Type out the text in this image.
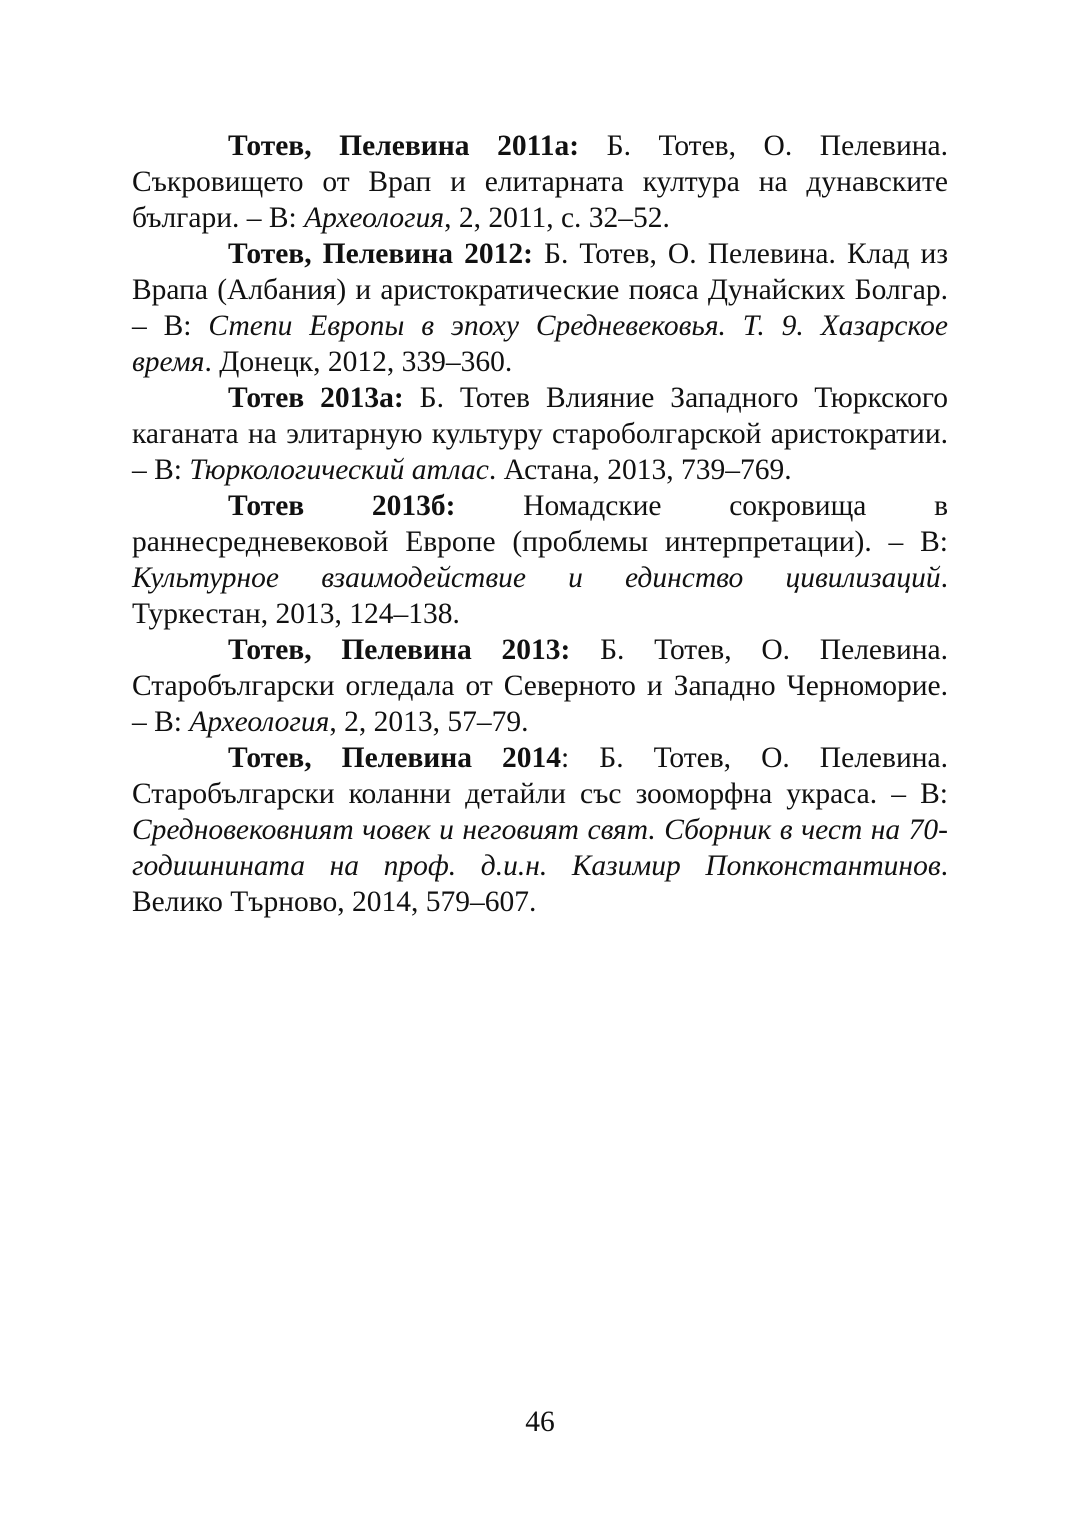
Тотев, Пелевина 2011а: Б. Тотев, О. Пелевина. Съкровището от Врап и елитарната култура на дунавските българи. – В: Археология, 2, 2011, с. 32–52.

Тотев, Пелевина 2012: Б. Тотев, О. Пелевина. Клад из Врапа (Албания) и аристократические пояса Дунайских Болгар. – В: Степи Европы в эпоху Средневековья. Т. 9. Хазарское время. Донецк, 2012, 339–360.

Тотев 2013а: Б. Тотев Влияние Западного Тюркского каганата на элитарную культуру староболгарской аристократии. – В: Тюркологический атлас. Астана, 2013, 739–769.

Тотев 2013б: Номадские сокровища в раннесредневековой Европе (проблемы интерпретации). – В: Культурное взаимодействие и единство цивилизаций. Туркестан, 2013, 124–138.

Тотев, Пелевина 2013: Б. Тотев, О. Пелевина. Старобългарски огледала от Северното и Западно Черноморие. – В: Археология, 2, 2013, 57–79.

Тотев, Пелевина 2014: Б. Тотев, О. Пелевина. Старобългарски коланни детайли със зооморфна украса. – В: Средновековният човек и неговият свят. Сборник в чест на 70-годишнината на проф. д.и.н. Казимир Попконстантинов. Велико Търново, 2014, 579–607.

46
